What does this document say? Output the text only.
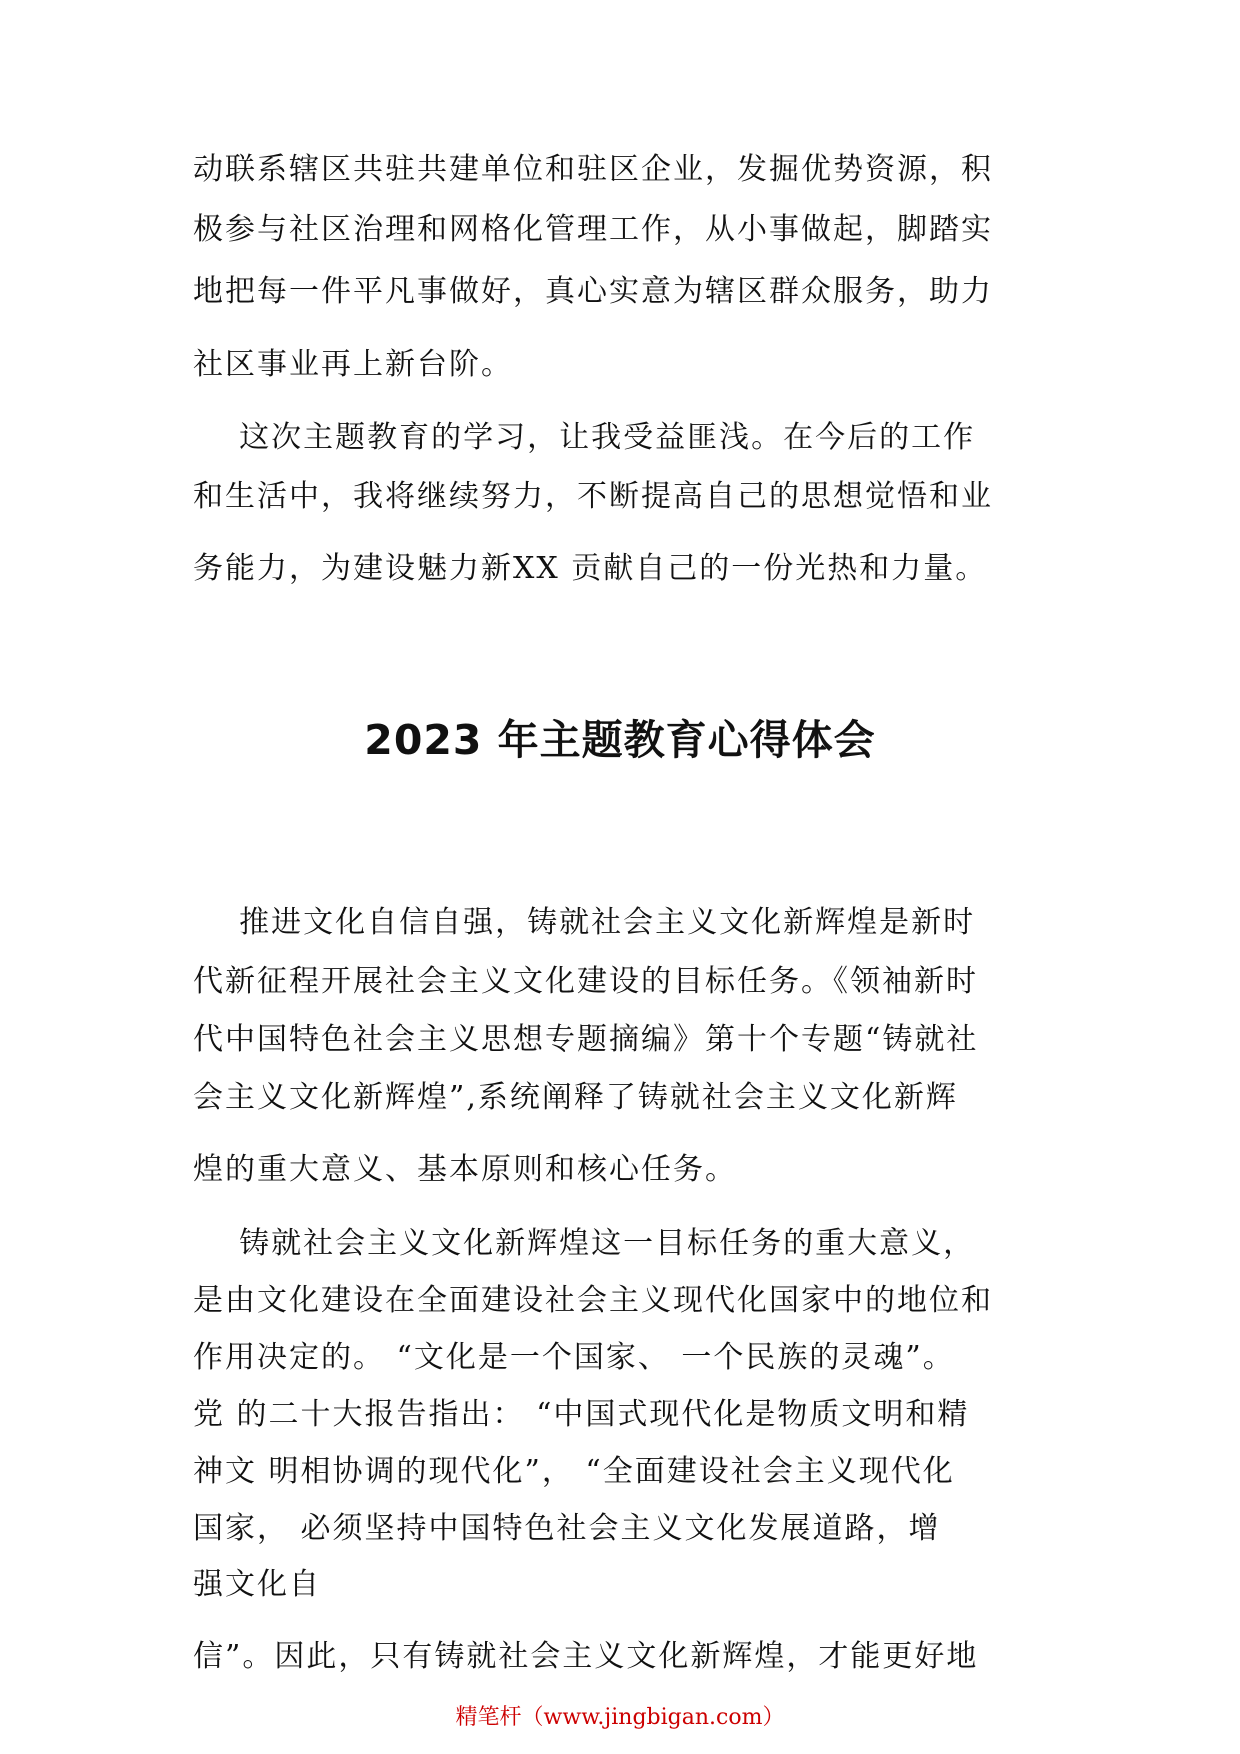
动联系辖区共驻共建单位和驻区企业，发掘优势资源，积
极参与社区治理和网格化管理工作，从小事做起，脚踏实
地把每一件平凡事做好，真心实意为辖区群众服务，助力
社区事业再上新台阶。
这次主题教育的学习，让我受益匪浅。在今后的工作
和生活中，我将继续努力，不断提高自己的思想觉悟和业
务能力，为建设魅力新XX 贡献自己的一份光热和力量。
2023 年主题教育心得体会
推进文化自信自强，铸就社会主义文化新辉煌是新时
代新征程开展社会主义文化建设的目标任务。《领袖新时
代中国特色社会主义思想专题摘编》第十个专题“铸就社
会主义文化新辉煌”,系统阐释了铸就社会主义文化新辉
煌的重大意义、基本原则和核心任务。
铸就社会主义文化新辉煌这一目标任务的重大意义，
是由文化建设在全面建设社会主义现代化国家中的地位和
作用决定的。 “文化是一个国家、 一个民族的灵魂”。
党 的二十大报告指出： “中国式现代化是物质文明和精
神文 明相协调的现代化”， “全面建设社会主义现代化
国家， 必须坚持中国特色社会主义文化发展道路，增
强文化自
信”。因此，只有铸就社会主义文化新辉煌，才能更好地
精笔杆（www.jingbigan.com）
